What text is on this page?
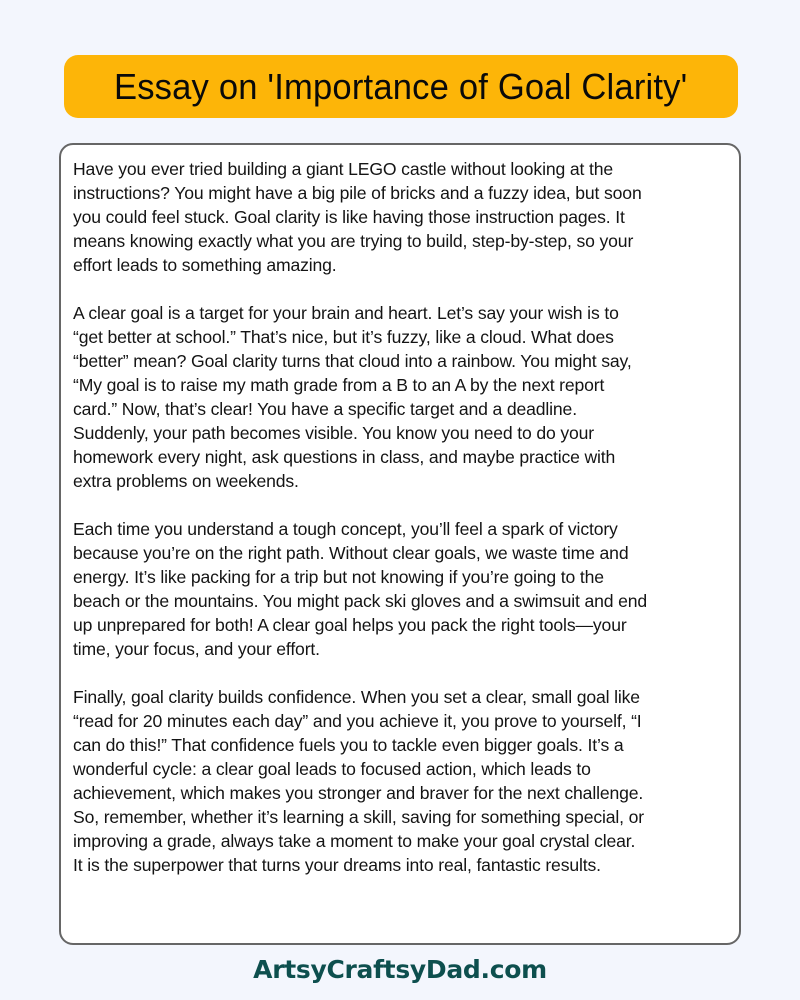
Essay on 'Importance of Goal Clarity'

Have you ever tried building a giant LEGO castle without looking at the
instructions? You might have a big pile of bricks and a fuzzy idea, but soon
you could feel stuck. Goal clarity is like having those instruction pages. It
means knowing exactly what you are trying to build, step-by-step, so your
effort leads to something amazing.

A clear goal is a target for your brain and heart. Let’s say your wish is to
“get better at school.” That’s nice, but it’s fuzzy, like a cloud. What does
“better” mean? Goal clarity turns that cloud into a rainbow. You might say,
“My goal is to raise my math grade from a B to an A by the next report
card.” Now, that’s clear! You have a specific target and a deadline.
Suddenly, your path becomes visible. You know you need to do your
homework every night, ask questions in class, and maybe practice with
extra problems on weekends.

Each time you understand a tough concept, you’ll feel a spark of victory
because you’re on the right path. Without clear goals, we waste time and
energy. It’s like packing for a trip but not knowing if you’re going to the
beach or the mountains. You might pack ski gloves and a swimsuit and end
up unprepared for both! A clear goal helps you pack the right tools—your
time, your focus, and your effort.

Finally, goal clarity builds confidence. When you set a clear, small goal like
“read for 20 minutes each day” and you achieve it, you prove to yourself, “I
can do this!” That confidence fuels you to tackle even bigger goals. It’s a
wonderful cycle: a clear goal leads to focused action, which leads to
achievement, which makes you stronger and braver for the next challenge.
So, remember, whether it’s learning a skill, saving for something special, or
improving a grade, always take a moment to make your goal crystal clear.
It is the superpower that turns your dreams into real, fantastic results.

ArtsyCraftsyDad.com
